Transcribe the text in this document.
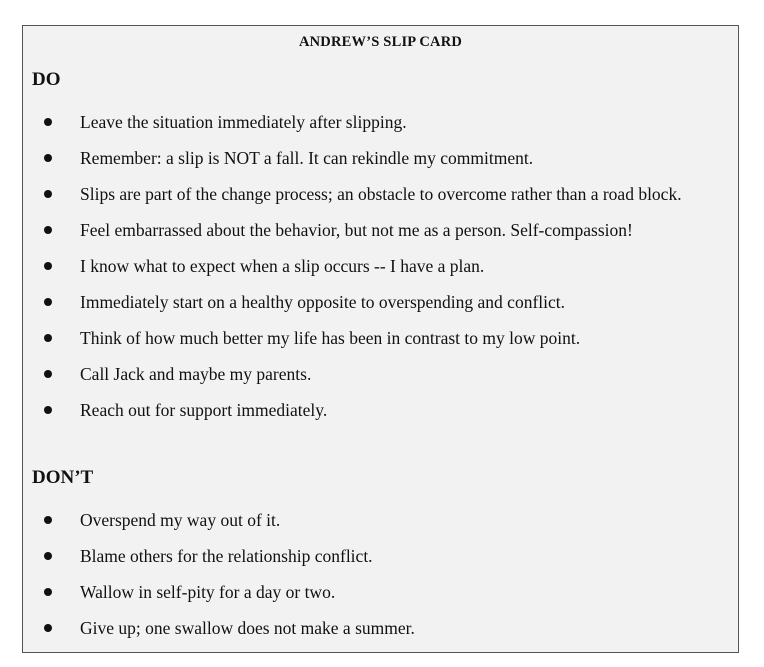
ANDREW’S SLIP CARD
DO
Leave the situation immediately after slipping.
Remember: a slip is NOT a fall. It can rekindle my commitment.
Slips are part of the change process; an obstacle to overcome rather than a road block.
Feel embarrassed about the behavior, but not me as a person. Self-compassion!
I know what to expect when a slip occurs -- I have a plan.
Immediately start on a healthy opposite to overspending and conflict.
Think of how much better my life has been in contrast to my low point.
Call Jack and maybe my parents.
Reach out for support immediately.
DON’T
Overspend my way out of it.
Blame others for the relationship conflict.
Wallow in self-pity for a day or two.
Give up; one swallow does not make a summer.
